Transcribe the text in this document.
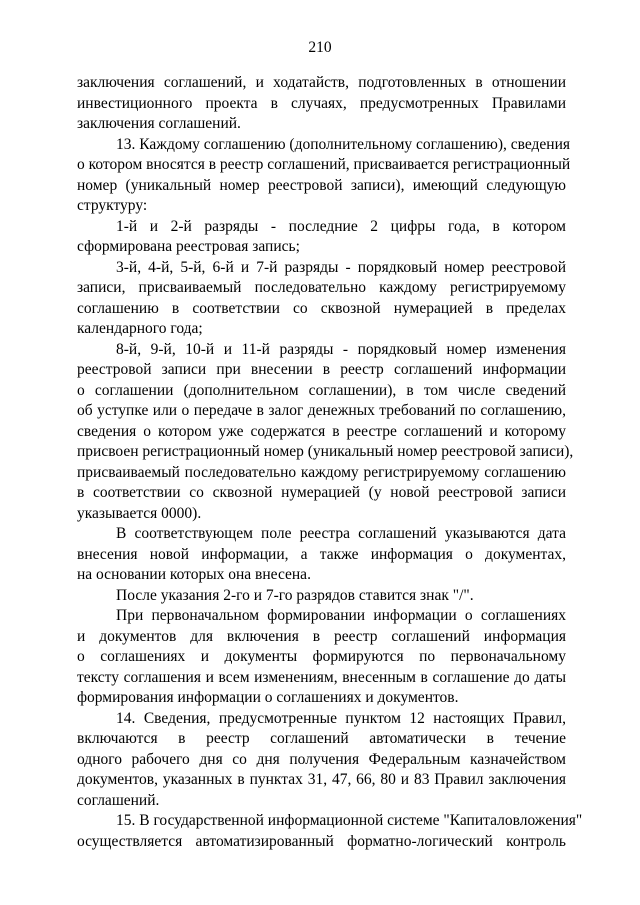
210
заключения соглашений, и ходатайств, подготовленных в отношении
инвестиционного проекта в случаях, предусмотренных Правилами
заключения соглашений.
13. Каждому соглашению (дополнительному соглашению), сведения
о котором вносятся в реестр соглашений, присваивается регистрационный
номер (уникальный номер реестровой записи), имеющий следующую
структуру:
1-й и 2-й разряды - последние 2 цифры года, в котором
сформирована реестровая запись;
3-й, 4-й, 5-й, 6-й и 7-й разряды - порядковый номер реестровой
записи, присваиваемый последовательно каждому регистрируемому
соглашению в соответствии со сквозной нумерацией в пределах
календарного года;
8-й, 9-й, 10-й и 11-й разряды - порядковый номер изменения
реестровой записи при внесении в реестр соглашений информации
о соглашении (дополнительном соглашении), в том числе сведений
об уступке или о передаче в залог денежных требований по соглашению,
сведения о котором уже содержатся в реестре соглашений и которому
присвоен регистрационный номер (уникальный номер реестровой записи),
присваиваемый последовательно каждому регистрируемому соглашению
в соответствии со сквозной нумерацией (у новой реестровой записи
указывается 0000).
В соответствующем поле реестра соглашений указываются дата
внесения новой информации, а также информация о документах,
на основании которых она внесена.
После указания 2-го и 7-го разрядов ставится знак "/".
При первоначальном формировании информации о соглашениях
и документов для включения в реестр соглашений информация
о соглашениях и документы формируются по первоначальному
тексту соглашения и всем изменениям, внесенным в соглашение до даты
формирования информации о соглашениях и документов.
14. Сведения, предусмотренные пунктом 12 настоящих Правил,
включаются в реестр соглашений автоматически в течение
одного рабочего дня со дня получения Федеральным казначейством
документов, указанных в пунктах 31, 47, 66, 80 и 83 Правил заключения
соглашений.
15. В государственной информационной системе "Капиталовложения"
осуществляется автоматизированный форматно-логический контроль
